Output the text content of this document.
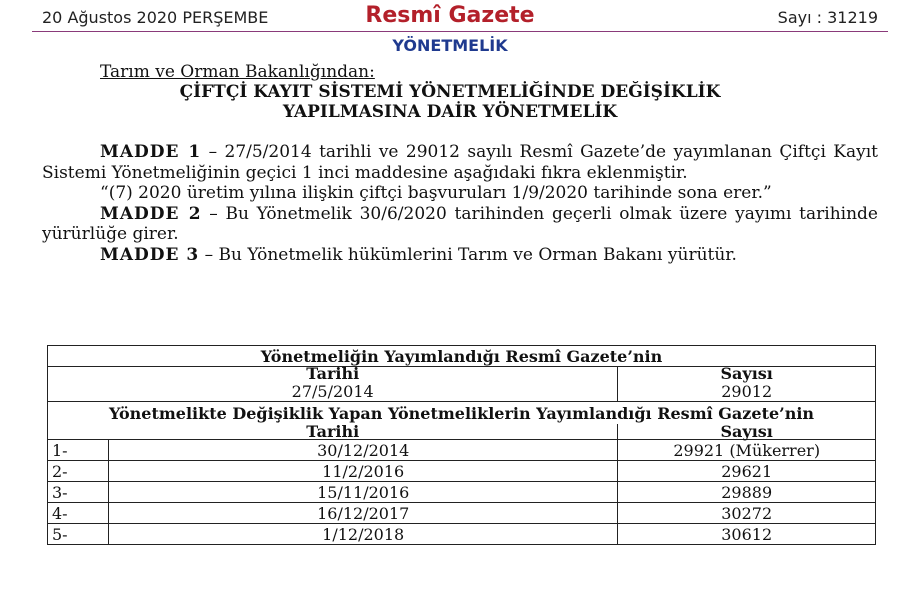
20 Ağustos 2020 PERŞEMBE	Resmî Gazete	Sayı : 31219
YÖNETMELİK
Tarım ve Orman Bakanlığından:
ÇİFTÇİ KAYIT SİSTEMİ YÖNETMELİĞİNDE DEĞİŞİKLİK
YAPILMASINA DAİR YÖNETMELİK

MADDE 1 – 27/5/2014 tarihli ve 29012 sayılı Resmî Gazete’de yayımlanan Çiftçi Kayıt Sistemi Yönetmeliğinin geçici 1 inci maddesine aşağıdaki fıkra eklenmiştir.

“(7) 2020 üretim yılına ilişkin çiftçi başvuruları 1/9/2020 tarihinde sona erer.”

MADDE 2 – Bu Yönetmelik 30/6/2020 tarihinden geçerli olmak üzere yayımı tarihinde yürürlüğe girer.

MADDE 3 – Bu Yönetmelik hükümlerini Tarım ve Orman Bakanı yürütür.

Yönetmeliğin Yayımlandığı Resmî Gazete’nin		
Tarihi		Sayısı
27/5/2014		29012
Yönetmelikte Değişiklik Yapan Yönetmeliklerin Yayımlandığı Resmî Gazete’nin		
Tarihi		Sayısı
1-	30/12/2014	29921 (Mükerrer)
2-	11/2/2016	29621
3-	15/11/2016	29889
4-	16/12/2017	30272
5-	1/12/2018	30612
